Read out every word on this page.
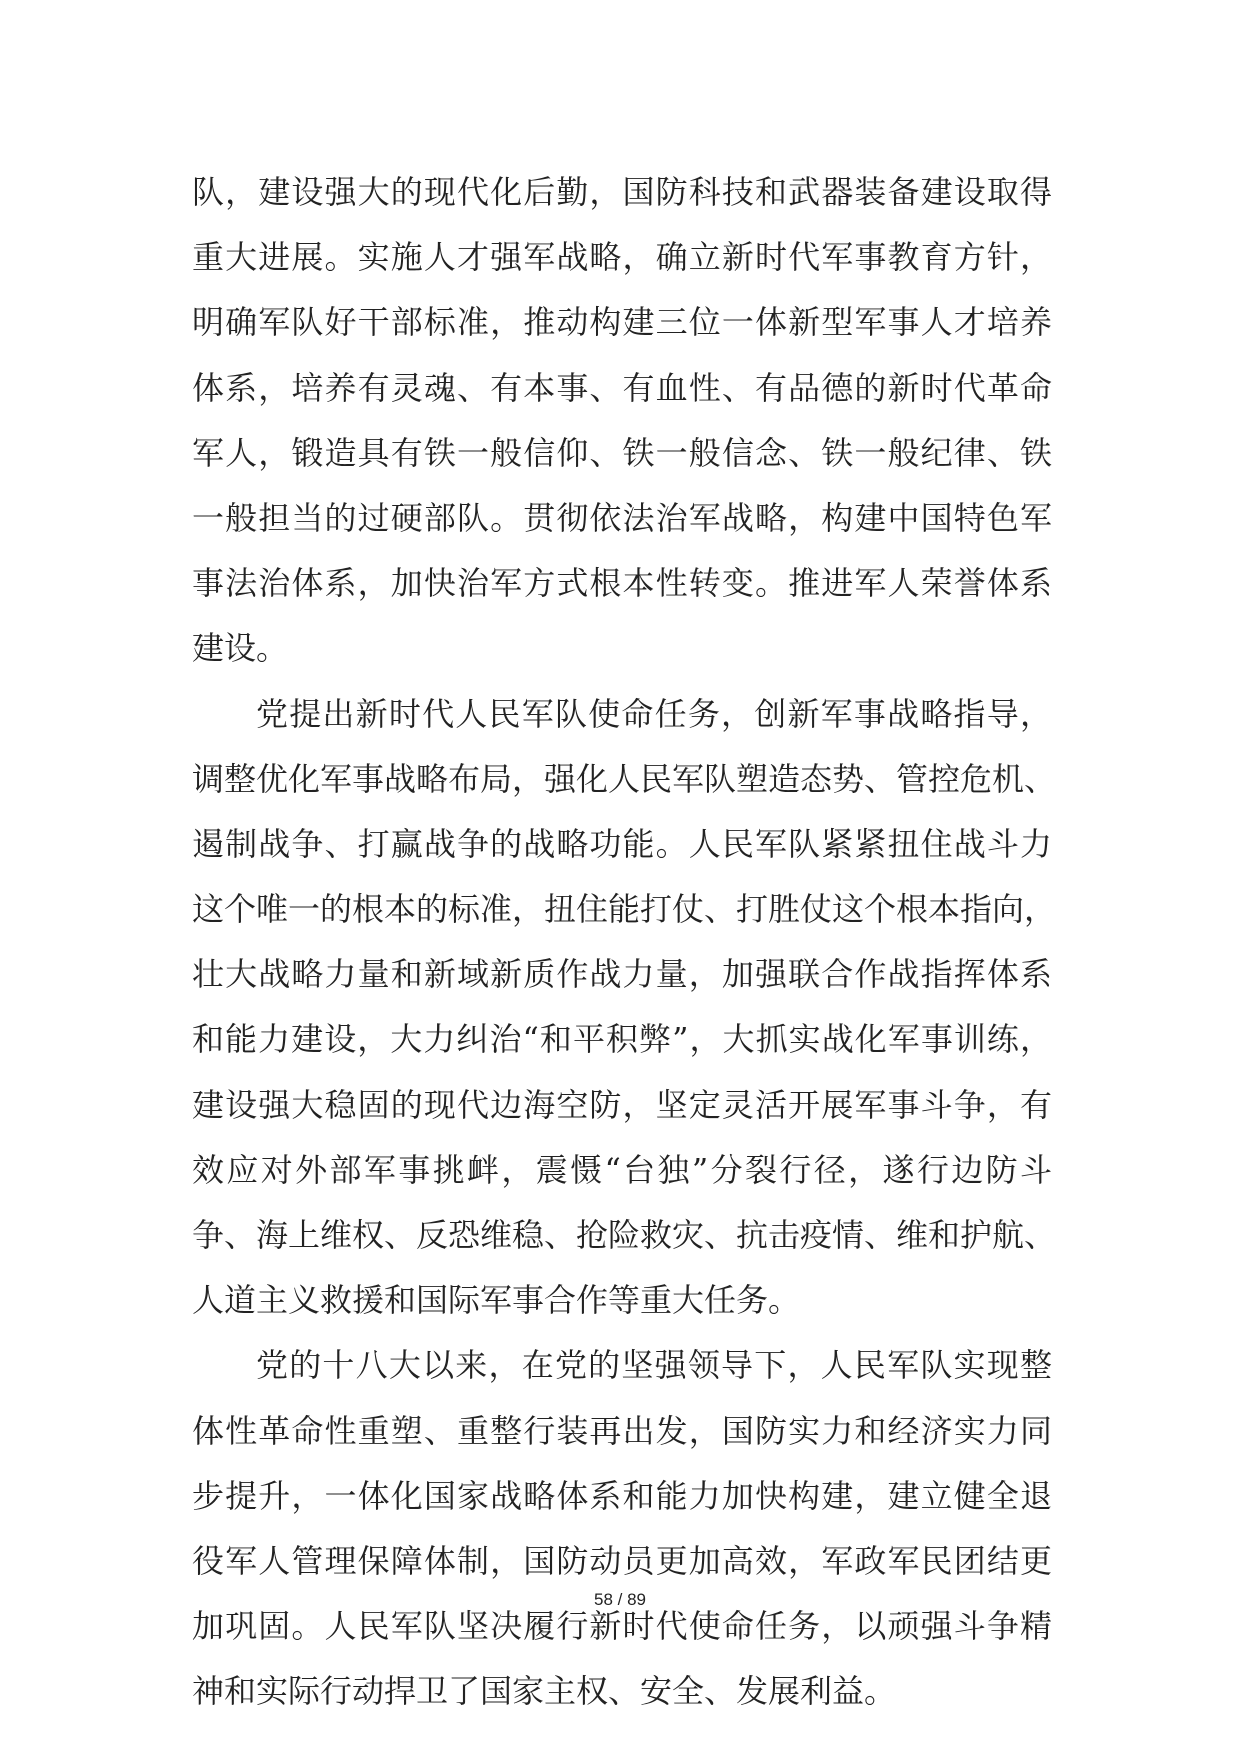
队，建设强大的现代化后勤，国防科技和武器装备建设取得
重大进展。实施人才强军战略，确立新时代军事教育方针，
明确军队好干部标准，推动构建三位一体新型军事人才培养
体系，培养有灵魂、有本事、有血性、有品德的新时代革命
军人，锻造具有铁一般信仰、铁一般信念、铁一般纪律、铁
一般担当的过硬部队。贯彻依法治军战略，构建中国特色军
事法治体系，加快治军方式根本性转变。推进军人荣誉体系
建设。
党提出新时代人民军队使命任务，创新军事战略指导，
调整优化军事战略布局，强化人民军队塑造态势、管控危机、
遏制战争、打赢战争的战略功能。人民军队紧紧扭住战斗力
这个唯一的根本的标准，扭住能打仗、打胜仗这个根本指向，
壮大战略力量和新域新质作战力量，加强联合作战指挥体系
和能力建设，大力纠治“和平积弊”，大抓实战化军事训练，
建设强大稳固的现代边海空防，坚定灵活开展军事斗争，有
效应对外部军事挑衅，震慑“台独”分裂行径，遂行边防斗
争、海上维权、反恐维稳、抢险救灾、抗击疫情、维和护航、
人道主义救援和国际军事合作等重大任务。
党的十八大以来，在党的坚强领导下，人民军队实现整
体性革命性重塑、重整行装再出发，国防实力和经济实力同
步提升，一体化国家战略体系和能力加快构建，建立健全退
役军人管理保障体制，国防动员更加高效，军政军民团结更
加巩固。人民军队坚决履行新时代使命任务，以顽强斗争精
神和实际行动捍卫了国家主权、安全、发展利益。
58 / 89
